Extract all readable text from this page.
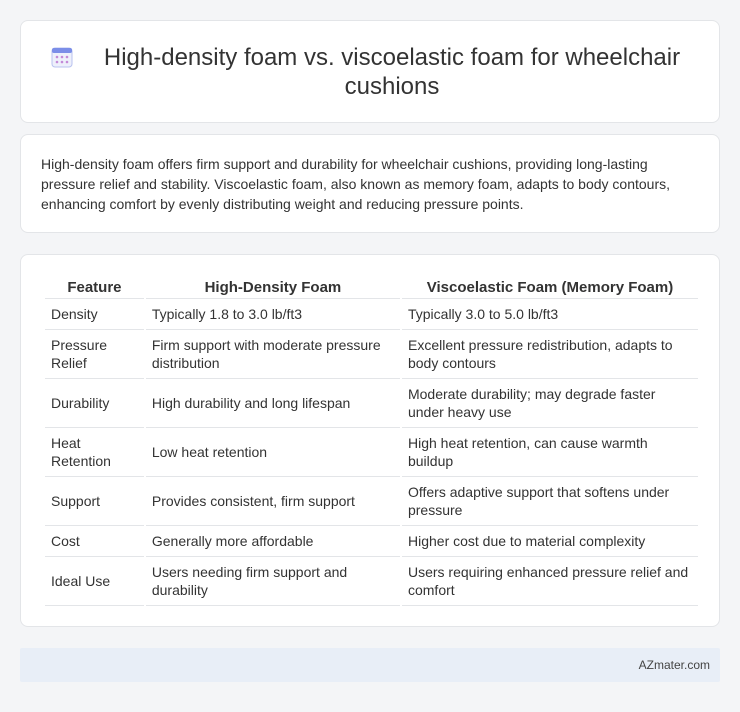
High-density foam vs. viscoelastic foam for wheelchair cushions

High-density foam offers firm support and durability for wheelchair cushions, providing long-lasting pressure relief and stability. Viscoelastic foam, also known as memory foam, adapts to body contours, enhancing comfort by evenly distributing weight and reducing pressure points.

Feature	High-Density Foam	Viscoelastic Foam (Memory Foam)
Density	Typically 1.8 to 3.0 lb/ft3	Typically 3.0 to 5.0 lb/ft3
Pressure Relief	Firm support with moderate pressure distribution	Excellent pressure redistribution, adapts to body contours
Durability	High durability and long lifespan	Moderate durability; may degrade faster under heavy use
Heat Retention	Low heat retention	High heat retention, can cause warmth buildup
Support	Provides consistent, firm support	Offers adaptive support that softens under pressure
Cost	Generally more affordable	Higher cost due to material complexity
Ideal Use	Users needing firm support and durability	Users requiring enhanced pressure relief and comfort
AZmater.com
